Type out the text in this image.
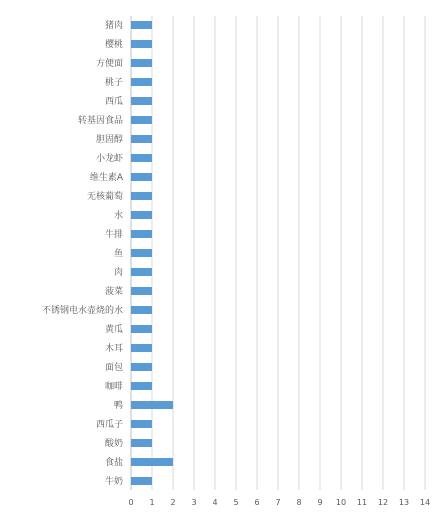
猪肉
樱桃
方便面
桃子
西瓜
转基因食品
胆固醇
小龙虾
维生素A
无核葡萄
水
牛排
鱼
肉
菠菜
不锈钢电水壶烧的水
黄瓜
木耳
面包
咖啡
鸭
西瓜子
酸奶
食盐
牛奶
0 1 2 3 4 5 6 7 8 9 10 11 12 13 14
